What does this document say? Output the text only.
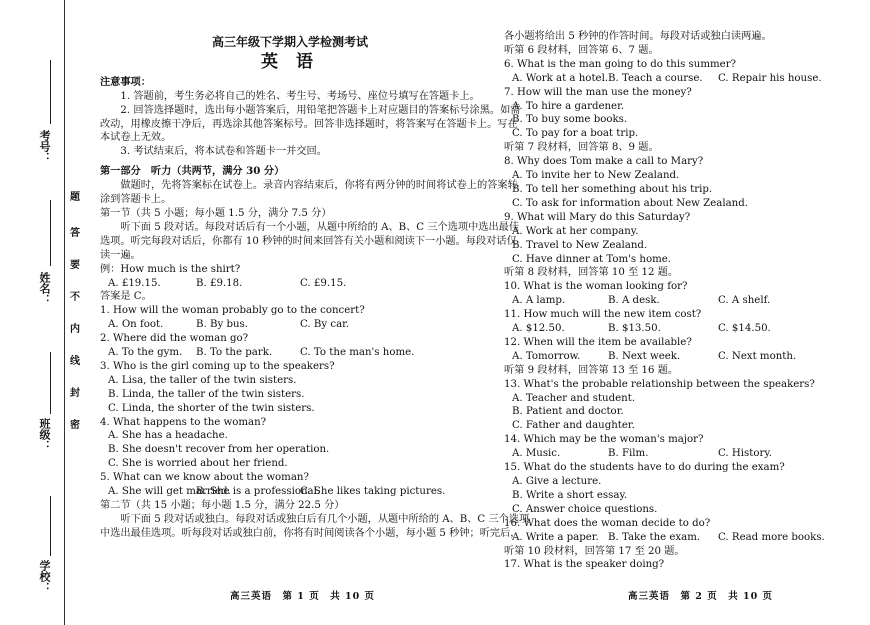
考号：
姓名：
班级：
学校：
题
答
要
不
内
线
封
密
高三年级下学期入学检测考试
英 语
注意事项：
1. 答题前，考生务必将自己的姓名、考生号、考场号、座位号填写在答题卡上。
2. 回答选择题时，选出每小题答案后，用铅笔把答题卡上对应题目的答案标号涂黑。如需
改动，用橡皮擦干净后，再选涂其他答案标号。回答非选择题时，将答案写在答题卡上。写在
本试卷上无效。
3. 考试结束后，将本试卷和答题卡一并交回。
第一部分　听力（共两节，满分 30 分）
做题时，先将答案标在试卷上。录音内容结束后，你将有两分钟的时间将试卷上的答案转
涂到答题卡上。
第一节（共 5 小题；每小题 1.5 分，满分 7.5 分）
听下面 5 段对话。每段对话后有一个小题，从题中所给的 A、B、C 三个选项中选出最佳
选项。听完每段对话后，你都有 10 秒钟的时间来回答有关小题和阅读下一小题。每段对话仅
读一遍。
例：How much is the shirt?
A. £19.15.	B. £9.18.	C. £9.15.
答案是 C。
1. How will the woman probably go to the concert?
A. On foot.	B. By bus.	C. By car.
2. Where did the woman go?
A. To the gym.	B. To the park.	C. To the man's home.
3. Who is the girl coming up to the speakers?
A. Lisa, the taller of the twin sisters.
B. Linda, the taller of the twin sisters.
C. Linda, the shorter of the twin sisters.
4. What happens to the woman?
A. She has a headache.
B. She doesn't recover from her operation.
C. She is worried about her friend.
5. What can we know about the woman?
A. She will get married.
B. She is a professional.
C. She likes taking pictures.
第二节（共 15 小题；每小题 1.5 分，满分 22.5 分）
听下面 5 段对话或独白。每段对话或独白后有几个小题，从题中所给的 A、B、C 三个选项
中选出最佳选项。听每段对话或独白前，你将有时间阅读各个小题，每小题 5 秒钟；听完后，
高三英语　第 1 页　共 10 页
各小题将给出 5 秒钟的作答时间。每段对话或独白读两遍。
听第 6 段材料，回答第 6、7 题。
6. What is the man going to do this summer?
A. Work at a hotel. B. Teach a course.	C. Repair his house.
7. How will the man use the money?
A. To hire a gardener.
B. To buy some books.
C. To pay for a boat trip.
听第 7 段材料，回答第 8、9 题。
8. Why does Tom make a call to Mary?
A. To invite her to New Zealand.
B. To tell her something about his trip.
C. To ask for information about New Zealand.
9. What will Mary do this Saturday?
A. Work at her company.
B. Travel to New Zealand.
C. Have dinner at Tom's home.
听第 8 段材料，回答第 10 至 12 题。
10. What is the woman looking for?
A. A lamp.	B. A desk.	C. A shelf.
11. How much will the new item cost?
A. $12.50.	B. $13.50.	C. $14.50.
12. When will the item be available?
A. Tomorrow.	B. Next week.	C. Next month.
听第 9 段材料，回答第 13 至 16 题。
13. What's the probable relationship between the speakers?
A. Teacher and student.
B. Patient and doctor.
C. Father and daughter.
14. Which may be the woman's major?
A. Music.	B. Film.	C. History.
15. What do the students have to do during the exam?
A. Give a lecture.
B. Write a short essay.
C. Answer choice questions.
16. What does the woman decide to do?
A. Write a paper. B. Take the exam.	C. Read more books.
听第 10 段材料，回答第 17 至 20 题。
17. What is the speaker doing?
高三英语　第 2 页　共 10 页
